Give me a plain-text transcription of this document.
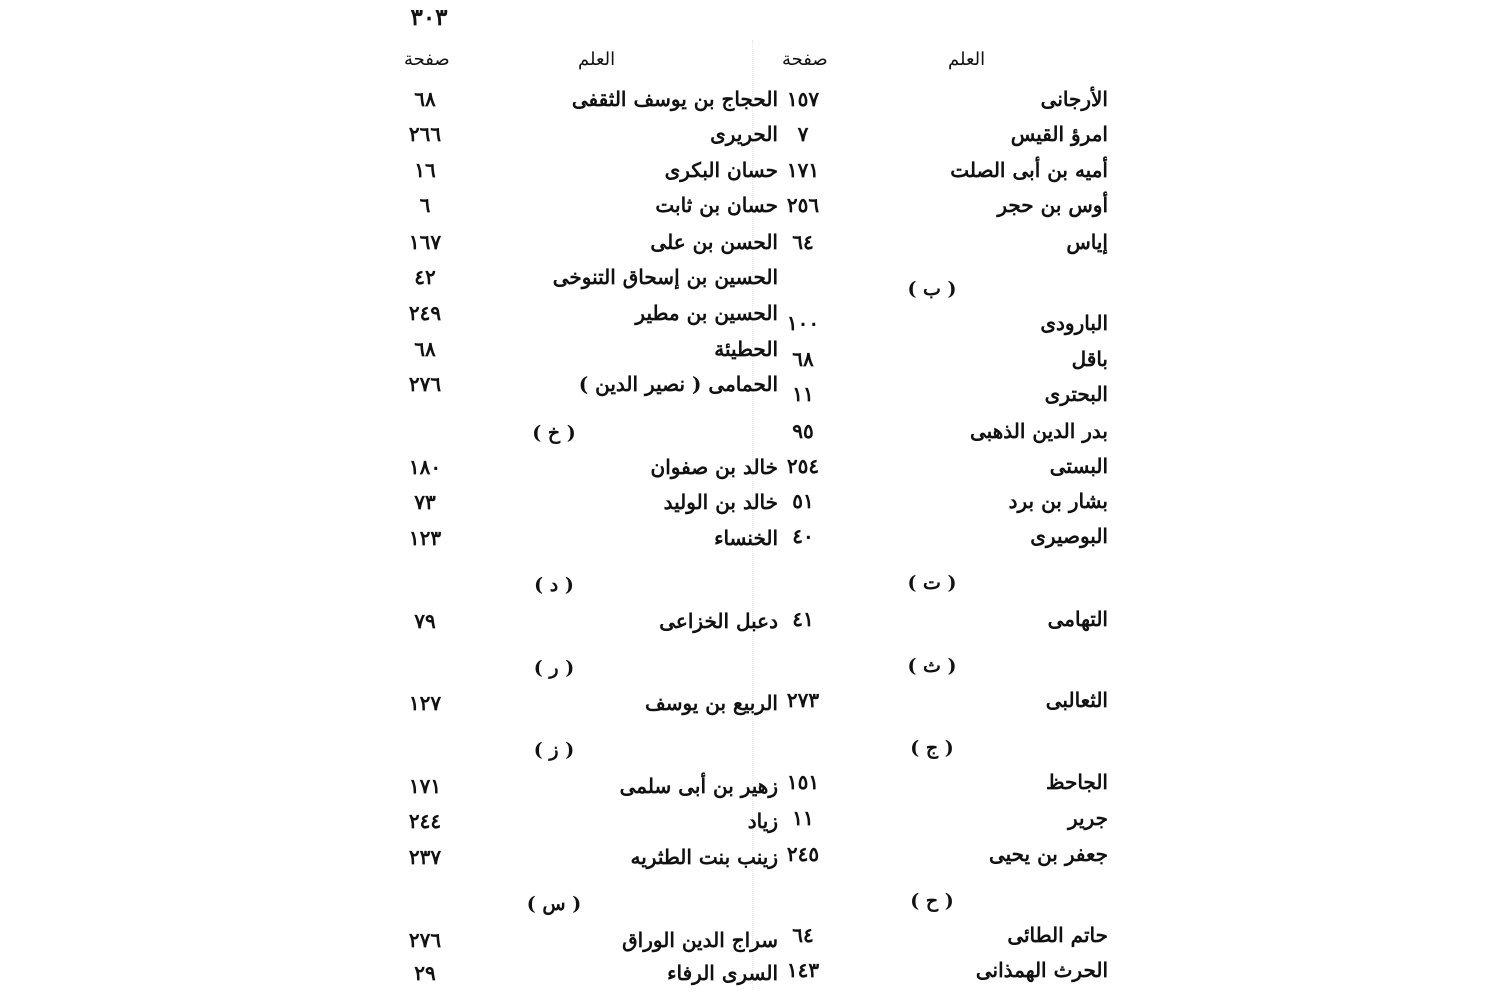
٣٠٣
العلم
صفحة
العلم
صفحة
الأرجانى
١٥٧
امرؤ القيس
٧
أميه بن أبى الصلت
١٧١
أوس بن حجر
٢٥٦
إياس
٦٤
( ب )
البارودى
١٠٠
باقل
٦٨
البحترى
١١
بدر الدين الذهبى
٩٥
البستى
٢٥٤
بشار بن برد
٥١
البوصيرى
٤٠
( ت )
التهامى
٤١
( ث )
الثعالبى
٢٧٣
( ج )
الجاحظ
١٥١
جرير
١١
جعفر بن يحيى
٢٤٥
( ح )
حاتم الطائى
٦٤
الحرث الهمذانى
١٤٣
الحجاج بن يوسف الثقفى
٦٨
الحريرى
٢٦٦
حسان البكرى
١٦
حسان بن ثابت
٦
الحسن بن على
١٦٧
الحسين بن إسحاق التنوخى
٤٢
الحسين بن مطير
٢٤٩
الحطيئة
٦٨
الحمامى ( نصير الدين )
٢٧٦
( خ )
خالد بن صفوان
١٨٠
خالد بن الوليد
٧٣
الخنساء
١٢٣
( د )
دعبل الخزاعى
٧٩
( ر )
الربيع بن يوسف
١٢٧
( ز )
زهير بن أبى سلمى
١٧١
زياد
٢٤٤
زينب بنت الطثريه
٢٣٧
( س )
سراج الدين الوراق
٢٧٦
السرى الرفاء
٢٩
